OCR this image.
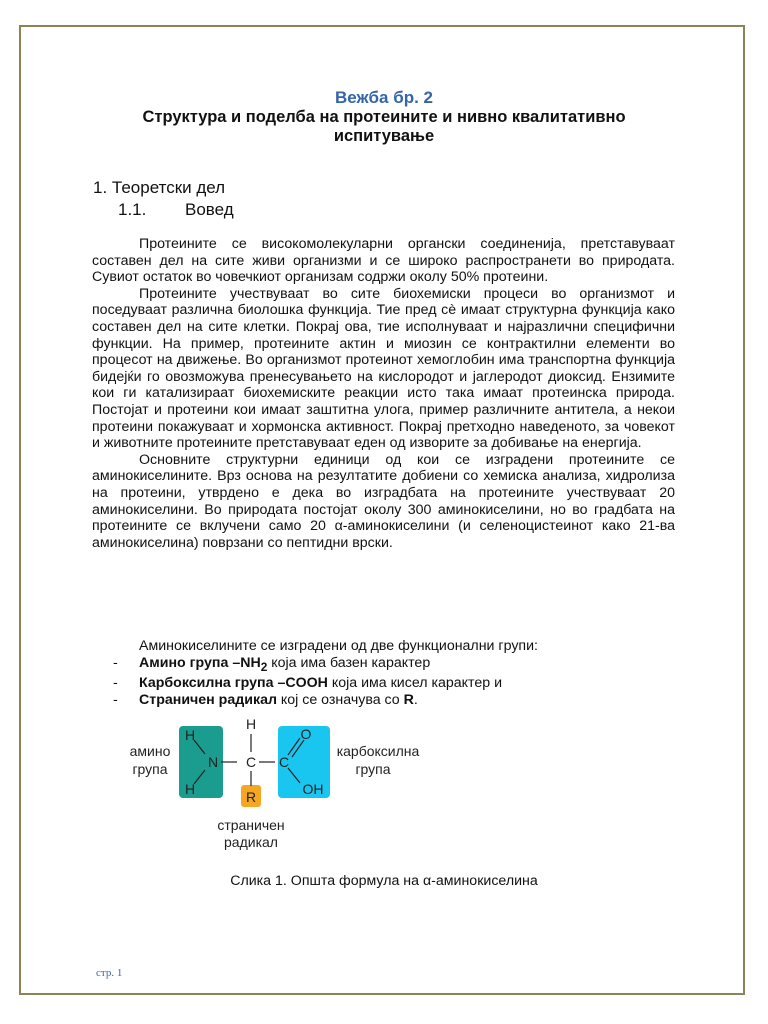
Вежба бр. 2
Структура и поделба на протеините и нивно квалитативно испитување
1. Теоретски дел
1.1. Вовед

Протеините се високомолекуларни органски соединенија, претставуваат составен дел на сите живи организми и се широко распространети во природата. Сувиот остаток во човечкиот организам содржи околу 50% протеини.

Протеините учествуваат во сите биохемиски процеси во организмот и поседуваат различна биолошка функција. Тие пред сè имаат структурна функција како составен дел на сите клетки. Покрај ова, тие исполнуваат и најразлични специфични функции. На пример, протеините актин и миозин се контрактилни елементи во процесот на движење. Во организмот протеинот хемоглобин има транспортна функција бидејќи го овозможува пренесувањето на кислородот и јаглеродот диоксид. Ензимите кои ги катализираат биохемиските реакции исто така имаат протеинска природа. Постојат и протеини кои имаат заштитна улога, пример различните антитела, а некои протеини покажуваат и хормонска активност. Покрај претходно наведеното, за човекот и животните протеините претставуваат еден од изворите за добивање на енергија.

Основните структурни единици од кои се изградени протеините се аминокиселините. Врз основа на резултатите добиени со хемиска анализа, хидролиза на протеини, утврдено е дека во изградбата на протеините учествуваат 20 аминокиселини. Во природата постојат околу 300 аминокиселини, но во градбата на протеините се вклучени само 20 α-аминокиселини (и селеноцистеинот како 21-ва аминокиселина) поврзани со пептидни врски.

Аминокиселините се изградени од две функционални групи:
- Амино група $-NH_2$ која има базен карактер
- Карбоксилна група –COOH која има кисел карактер и
- Страничен радикал кој се означува со R.
H
H
H
N C C
O
OH
R
амино
група
карбоксилна
група
страничен
радикал
Слика 1. Општа формула на α-аминокиселина
стр. 1
